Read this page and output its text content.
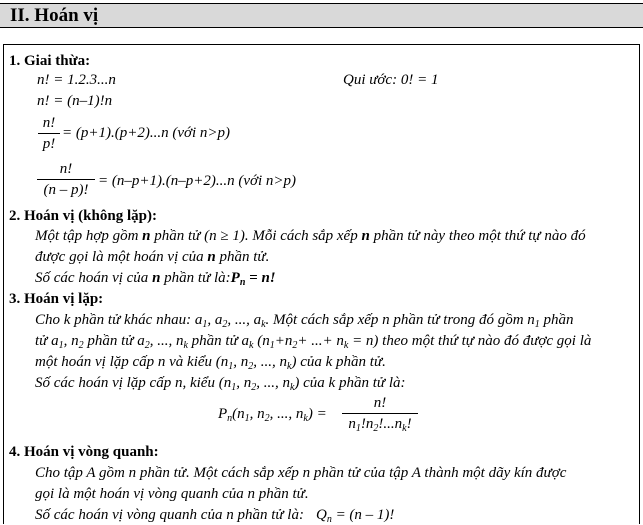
II. Hoán vị
1. Giai thừa:
n! = 1.2.3...n	Qui ước: 0! = 1
n! = (n–1)!n
n!
p!
= (p+1).(p+2)...n (với n>p)
n!
(n – p)!
= (n–p+1).(n–p+2)...n (với n>p)
2. Hoán vị (không lặp):
Một tập hợp gồm n phần tử (n ≥ 1). Mỗi cách sắp xếp n phần tử này theo một thứ tự nào đó
được gọi là một hoán vị của n phần tử.
Số các hoán vị của n phần tử $là:P_n = n$!
3. Hoán vị lặp:
Cho k phần tử khác nhau: $a_1$, $a_2$, ..., $a_k$. Một cách sắp xếp n phần tử trong đó gồm $n_1$ phần
tử $a_1$, $n_2$ phần tử $a_2$, ..., $n_k$ phần tử $a_k$ ($n_1+n_2+$ ...+ $n_k = n$) theo một thứ tự nào đó được gọi là
một hoán vị lặp cấp n và kiểu ($n_1$, $n_2$, ..., $n_k$) của k phần tử.
Số các hoán vị lặp cấp n, kiểu ($n_1$, $n_2$, ..., $n_k$) của k phần tử là:
$P_n(n_1$, $n_2$, ..., $n_k$) =
n!
$n_1!n_2!...n_k$!
4. Hoán vị vòng quanh:
Cho tập A gồm n phần tử. Một cách sắp xếp n phần tử của tập A thành một dãy kín được
gọi là một hoán vị vòng quanh của n phần tử.
Số các hoán vị vòng quanh của n phần tử là: $Q_n = (n - 1)$!
